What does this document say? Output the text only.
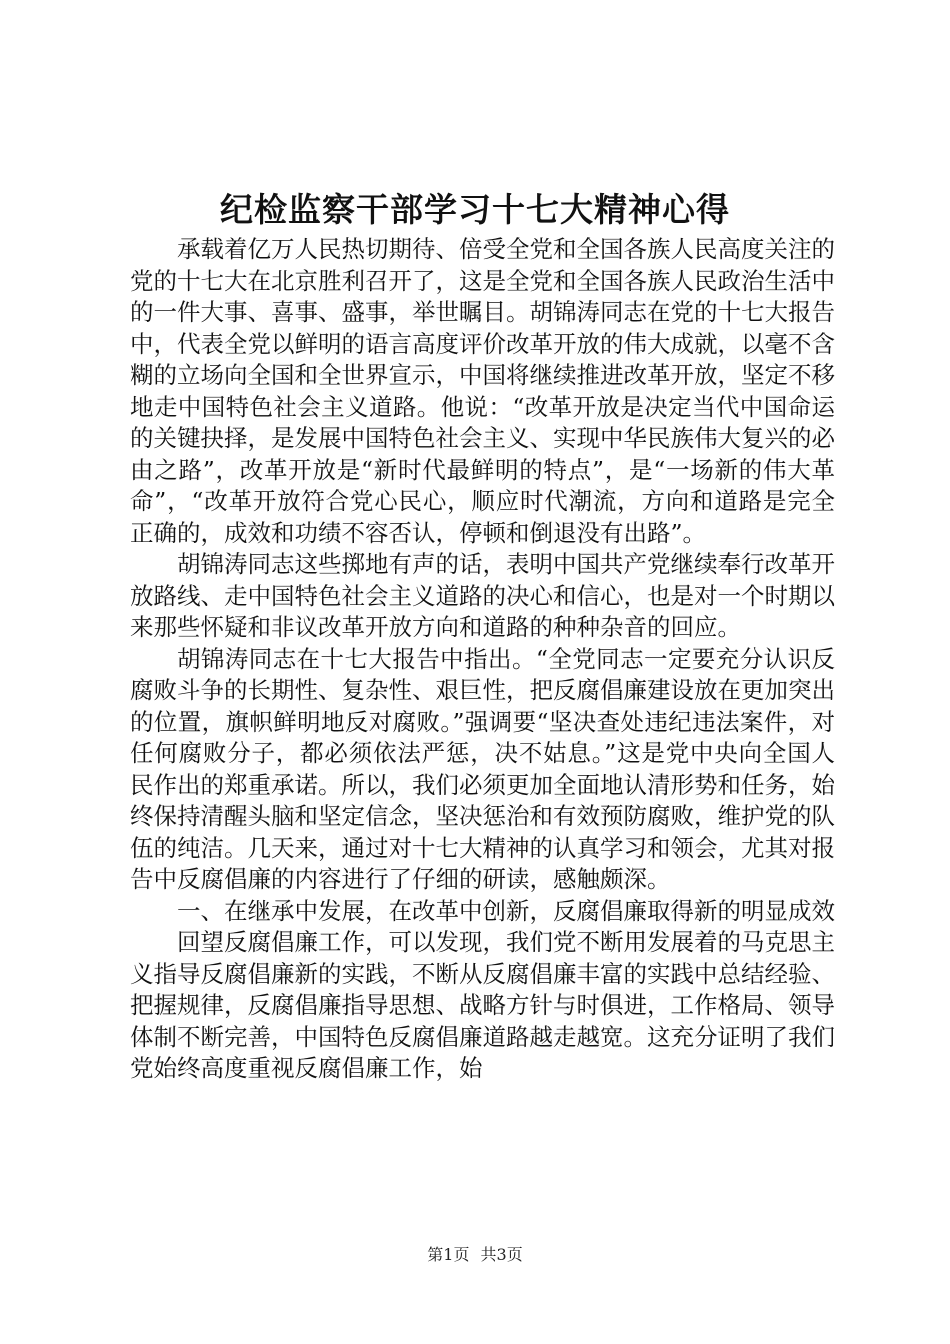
纪检监察干部学习十七大精神心得

承载着亿万人民热切期待、倍受全党和全国各族人民高度关注的党的十七大在北京胜利召开了，这是全党和全国各族人民政治生活中的一件大事、喜事、盛事，举世瞩目。胡锦涛同志在党的十七大报告中，代表全党以鲜明的语言高度评价改革开放的伟大成就，以毫不含糊的立场向全国和全世界宣示，中国将继续推进改革开放，坚定不移地走中国特色社会主义道路。他说：“改革开放是决定当代中国命运的关键抉择，是发展中国特色社会主义、实现中华民族伟大复兴的必由之路”，改革开放是“新时代最鲜明的特点”，是“一场新的伟大革命”，“改革开放符合党心民心，顺应时代潮流，方向和道路是完全正确的，成效和功绩不容否认，停顿和倒退没有出路”。

胡锦涛同志这些掷地有声的话，表明中国共产党继续奉行改革开放路线、走中国特色社会主义道路的决心和信心，也是对一个时期以来那些怀疑和非议改革开放方向和道路的种种杂音的回应。

胡锦涛同志在十七大报告中指出。“全党同志一定要充分认识反腐败斗争的长期性、复杂性、艰巨性，把反腐倡廉建设放在更加突出的位置，旗帜鲜明地反对腐败。”强调要“坚决查处违纪违法案件，对任何腐败分子，都必须依法严惩，决不姑息。”这是党中央向全国人民作出的郑重承诺。所以，我们必须更加全面地认清形势和任务，始终保持清醒头脑和坚定信念，坚决惩治和有效预防腐败，维护党的队伍的纯洁。几天来，通过对十七大精神的认真学习和领会，尤其对报告中反腐倡廉的内容进行了仔细的研读，感触颇深。

一、在继承中发展，在改革中创新，反腐倡廉取得新的明显成效

回望反腐倡廉工作，可以发现，我们党不断用发展着的马克思主义指导反腐倡廉新的实践，不断从反腐倡廉丰富的实践中总结经验、把握规律，反腐倡廉指导思想、战略方针与时俱进，工作格局、领导体制不断完善，中国特色反腐倡廉道路越走越宽。这充分证明了我们党始终高度重视反腐倡廉工作，始

第1页 共3页
